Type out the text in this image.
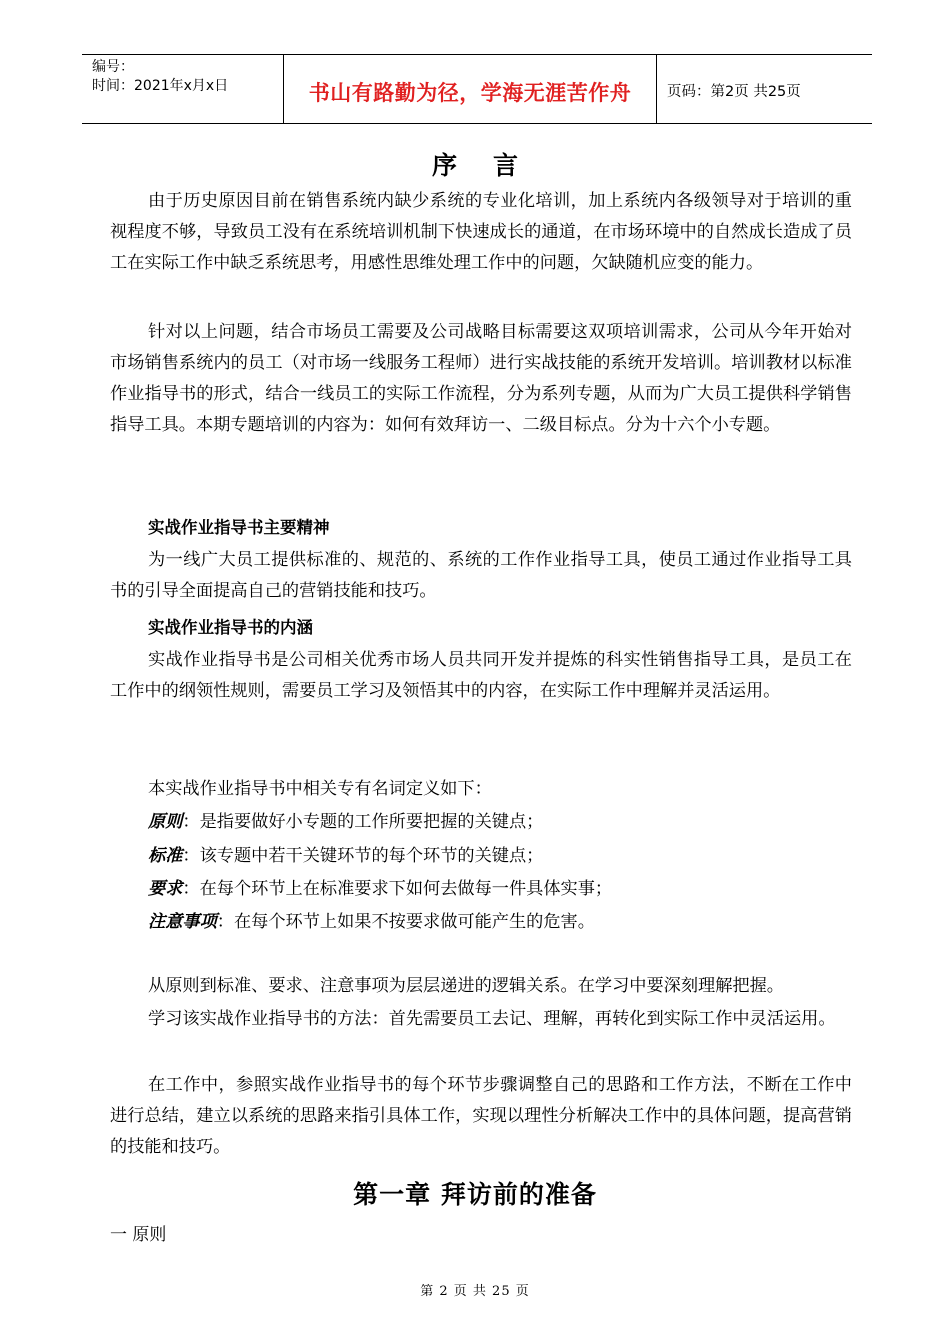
编号：
时间：2021年x月x日	书山有路勤为径，学海无涯苦作舟	页码：第2页 共25页
序言
由于历史原因目前在销售系统内缺少系统的专业化培训，加上系统内各级领导对于培训的重视程度不够，导致员工没有在系统培训机制下快速成长的通道，在市场环境中的自然成长造成了员工在实际工作中缺乏系统思考，用感性思维处理工作中的问题，欠缺随机应变的能力。
针对以上问题，结合市场员工需要及公司战略目标需要这双项培训需求，公司从今年开始对市场销售系统内的员工（对市场一线服务工程师）进行实战技能的系统开发培训。培训教材以标准作业指导书的形式，结合一线员工的实际工作流程，分为系列专题，从而为广大员工提供科学销售指导工具。本期专题培训的内容为：如何有效拜访一、二级目标点。分为十六个小专题。
实战作业指导书主要精神
为一线广大员工提供标准的、规范的、系统的工作作业指导工具，使员工通过作业指导工具书的引导全面提高自己的营销技能和技巧。
实战作业指导书的内涵
实战作业指导书是公司相关优秀市场人员共同开发并提炼的科实性销售指导工具，是员工在工作中的纲领性规则，需要员工学习及领悟其中的内容，在实际工作中理解并灵活运用。
本实战作业指导书中相关专有名词定义如下：
原则：是指要做好小专题的工作所要把握的关键点；
标准：该专题中若干关键环节的每个环节的关键点；
要求：在每个环节上在标准要求下如何去做每一件具体实事；
注意事项：在每个环节上如果不按要求做可能产生的危害。
从原则到标准、要求、注意事项为层层递进的逻辑关系。在学习中要深刻理解把握。
学习该实战作业指导书的方法：首先需要员工去记、理解，再转化到实际工作中灵活运用。
在工作中，参照实战作业指导书的每个环节步骤调整自己的思路和工作方法，不断在工作中进行总结，建立以系统的思路来指引具体工作，实现以理性分析解决工作中的具体问题，提高营销的技能和技巧。
第一章 拜访前的准备
一 原则
第 2 页 共 25 页
